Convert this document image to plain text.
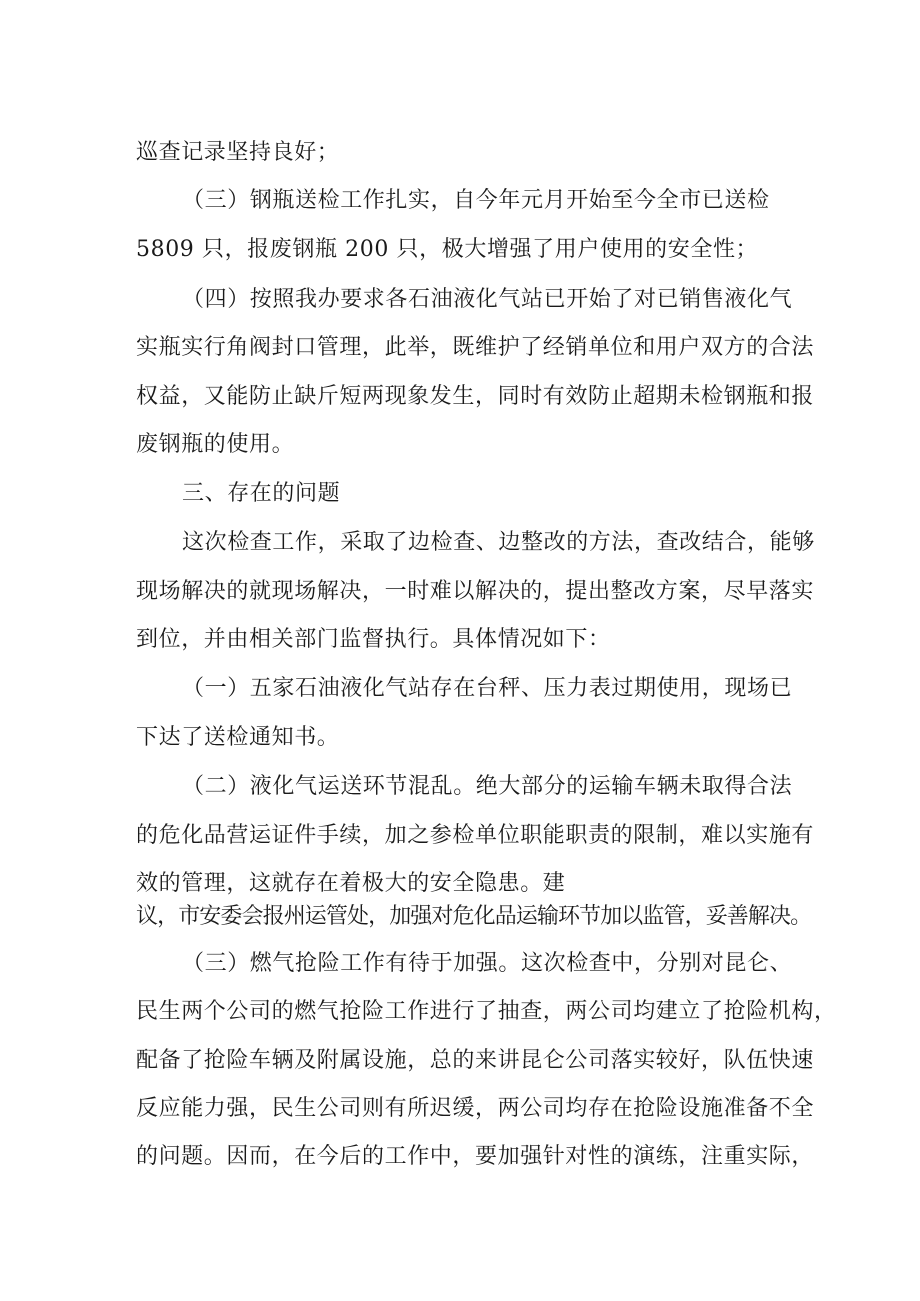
巡查记录坚持良好；
（三）钢瓶送检工作扎实，自今年元月开始至今全市已送检
5809 只，报废钢瓶 200 只，极大增强了用户使用的安全性；
（四）按照我办要求各石油液化气站已开始了对已销售液化气
实瓶实行角阀封口管理，此举，既维护了经销单位和用户双方的合法
权益，又能防止缺斤短两现象发生，同时有效防止超期未检钢瓶和报
废钢瓶的使用。
三、存在的问题
这次检查工作，采取了边检查、边整改的方法，查改结合，能够
现场解决的就现场解决，一时难以解决的，提出整改方案，尽早落实
到位，并由相关部门监督执行。具体情况如下：
（一）五家石油液化气站存在台秤、压力表过期使用，现场已
下达了送检通知书。
（二）液化气运送环节混乱。绝大部分的运输车辆未取得合法
的危化品营运证件手续，加之参检单位职能职责的限制，难以实施有
效的管理，这就存在着极大的安全隐患。建
议，市安委会报州运管处，加强对危化品运输环节加以监管，妥善解决。
（三）燃气抢险工作有待于加强。这次检查中，分别对昆仑、
民生两个公司的燃气抢险工作进行了抽查，两公司均建立了抢险机构，
配备了抢险车辆及附属设施，总的来讲昆仑公司落实较好，队伍快速
反应能力强，民生公司则有所迟缓，两公司均存在抢险设施准备不全
的问题。因而，在今后的工作中，要加强针对性的演练，注重实际，
